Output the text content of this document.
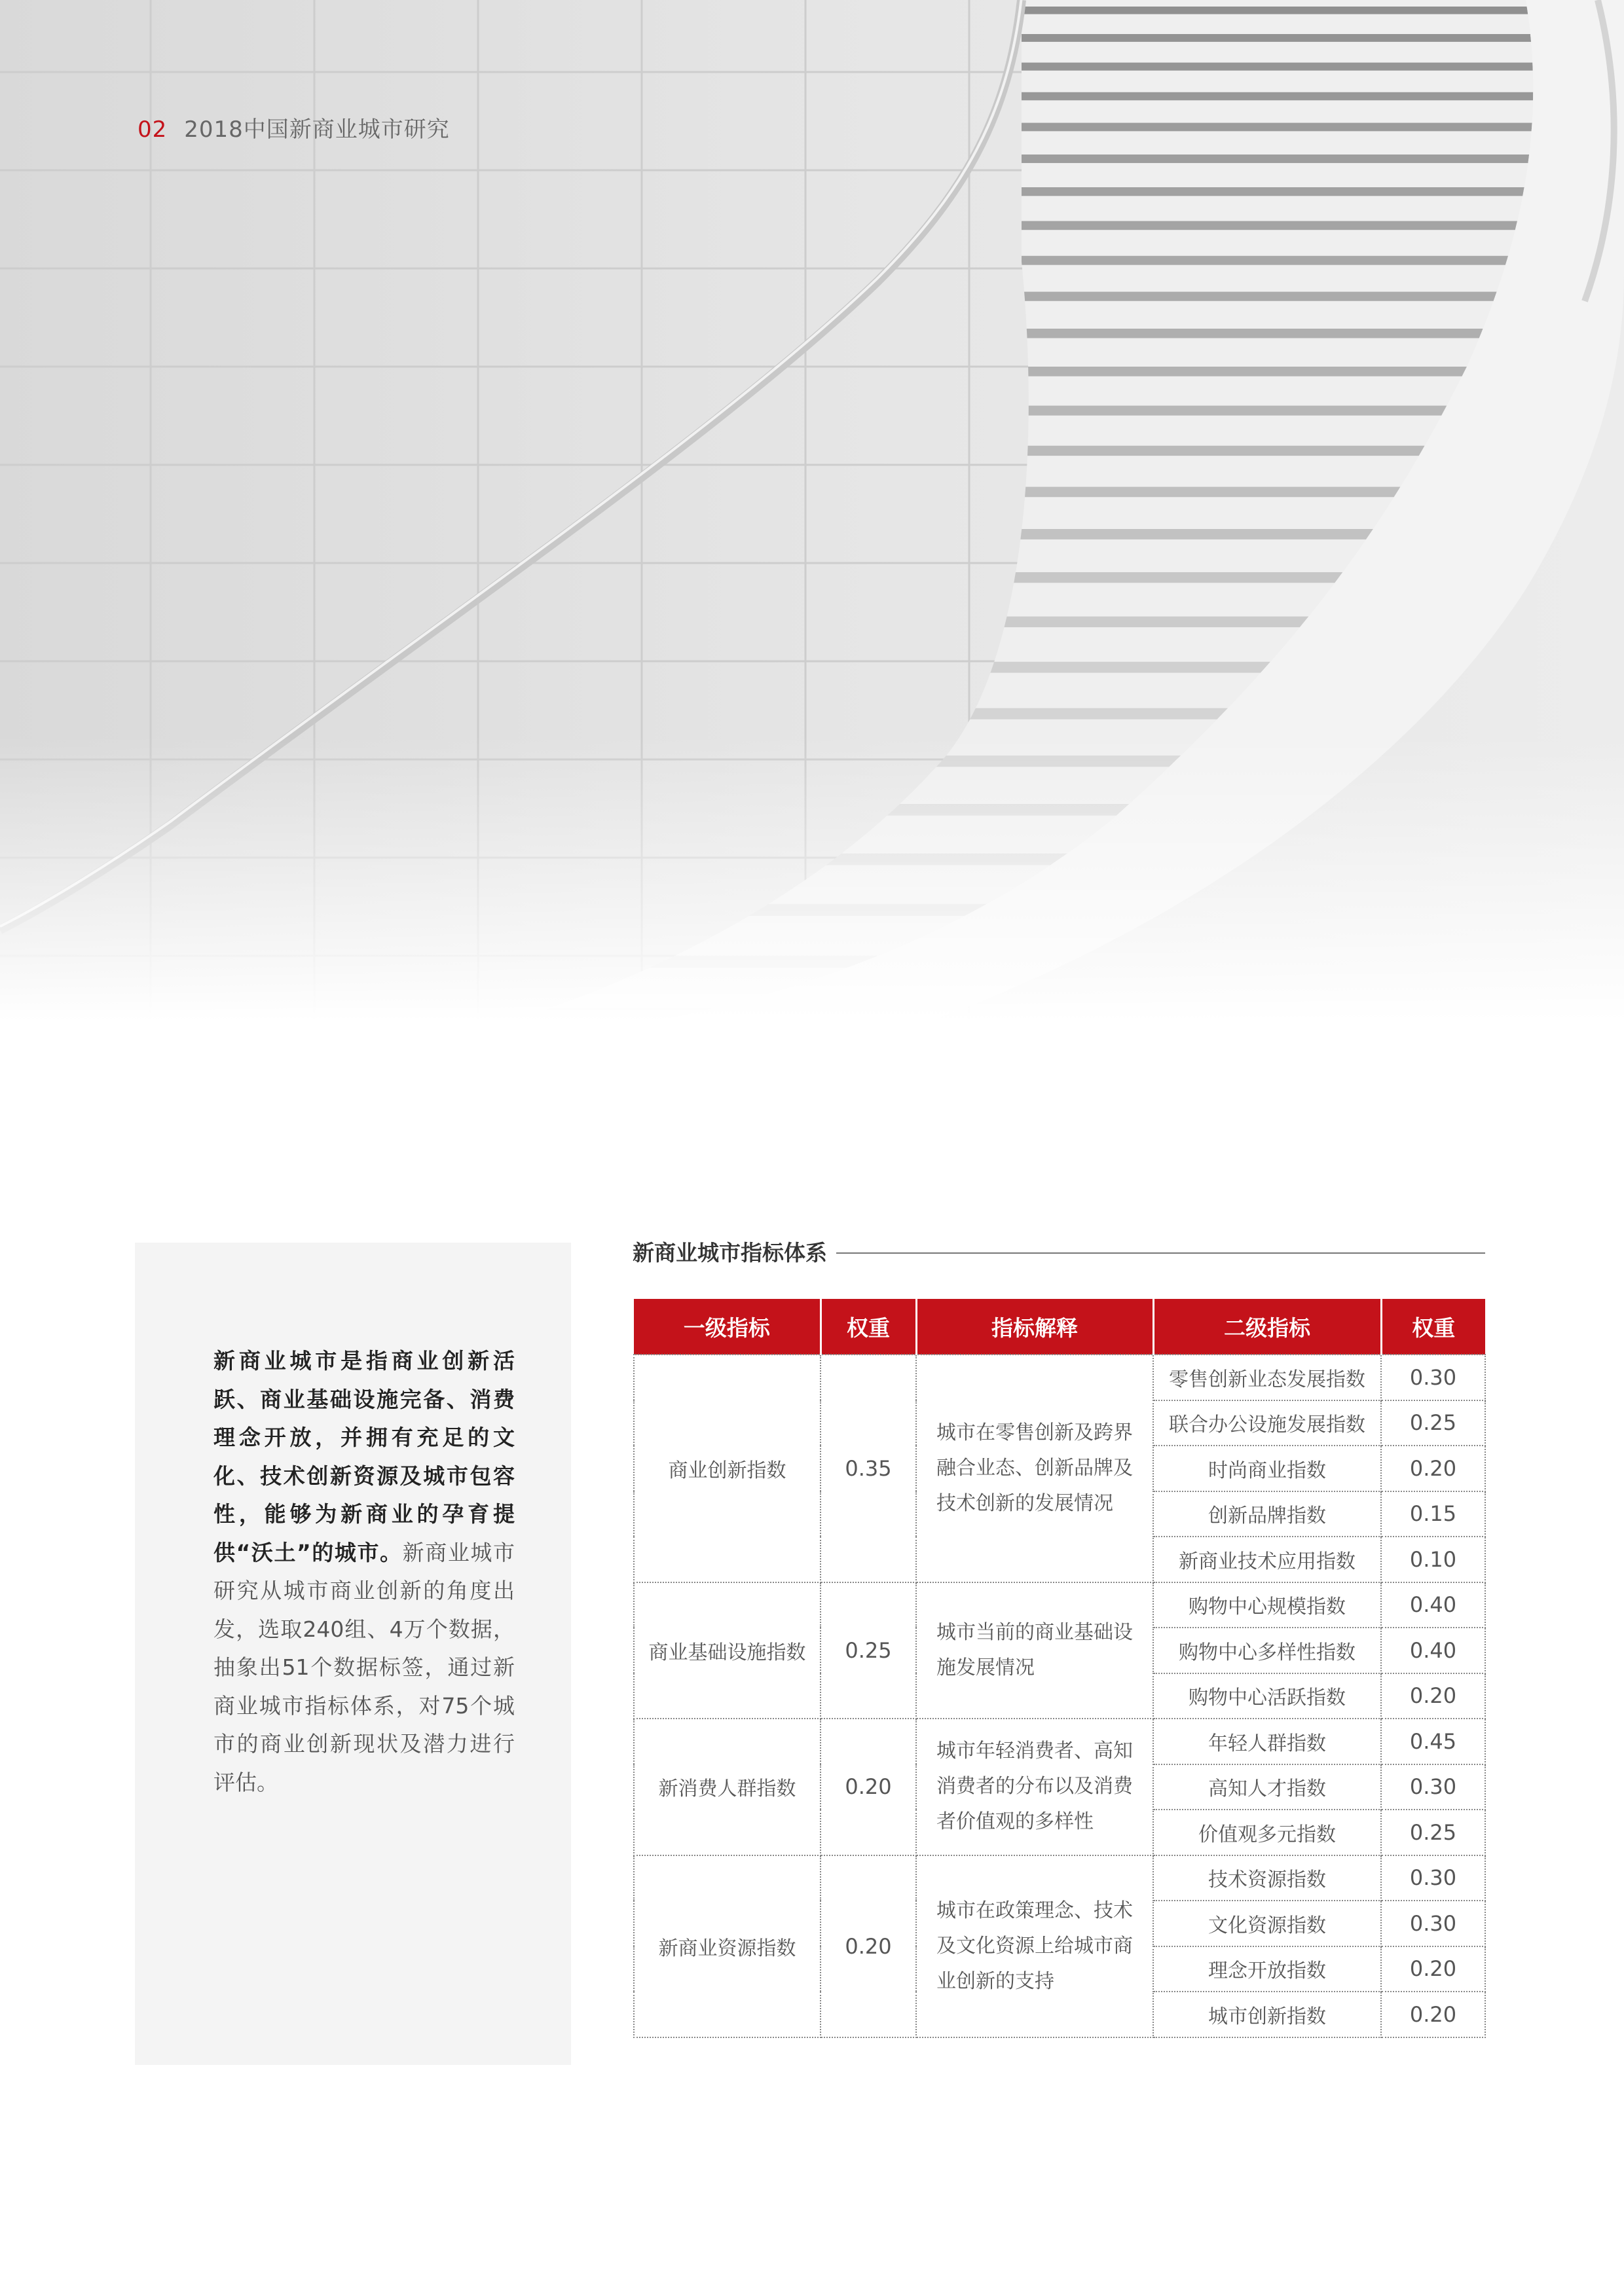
02 2018中国新商业城市研究

新商业城市是指商业创新活跃、商业基础设施完备、消费理念开放，并拥有充足的文化、技术创新资源及城市包容性，能够为新商业的孕育提供“沃土”的城市。新商业城市研究从城市商业创新的角度出发，选取240组、4万个数据，抽象出51个数据标签，通过新商业城市指标体系，对75个城市的商业创新现状及潜力进行评估。

新商业城市指标体系
一级指标	权重	指标解释	二级指标	权重
商业创新指数	0.35	城市在零售创新及跨界融合业态、创新品牌及技术创新的发展情况	零售创新业态发展指数	0.30
			联合办公设施发展指数	0.25
			时尚商业指数	0.20
			创新品牌指数	0.15
			新商业技术应用指数	0.10
商业基础设施指数	0.25	城市当前的商业基础设施发展情况	购物中心规模指数	0.40
			购物中心多样性指数	0.40
			购物中心活跃指数	0.20
新消费人群指数	0.20	城市年轻消费者、高知消费者的分布以及消费者价值观的多样性	年轻人群指数	0.45
			高知人才指数	0.30
			价值观多元指数	0.25
新商业资源指数	0.20	城市在政策理念、技术及文化资源上给城市商业创新的支持	技术资源指数	0.30
			文化资源指数	0.30
			理念开放指数	0.20
			城市创新指数	0.20
